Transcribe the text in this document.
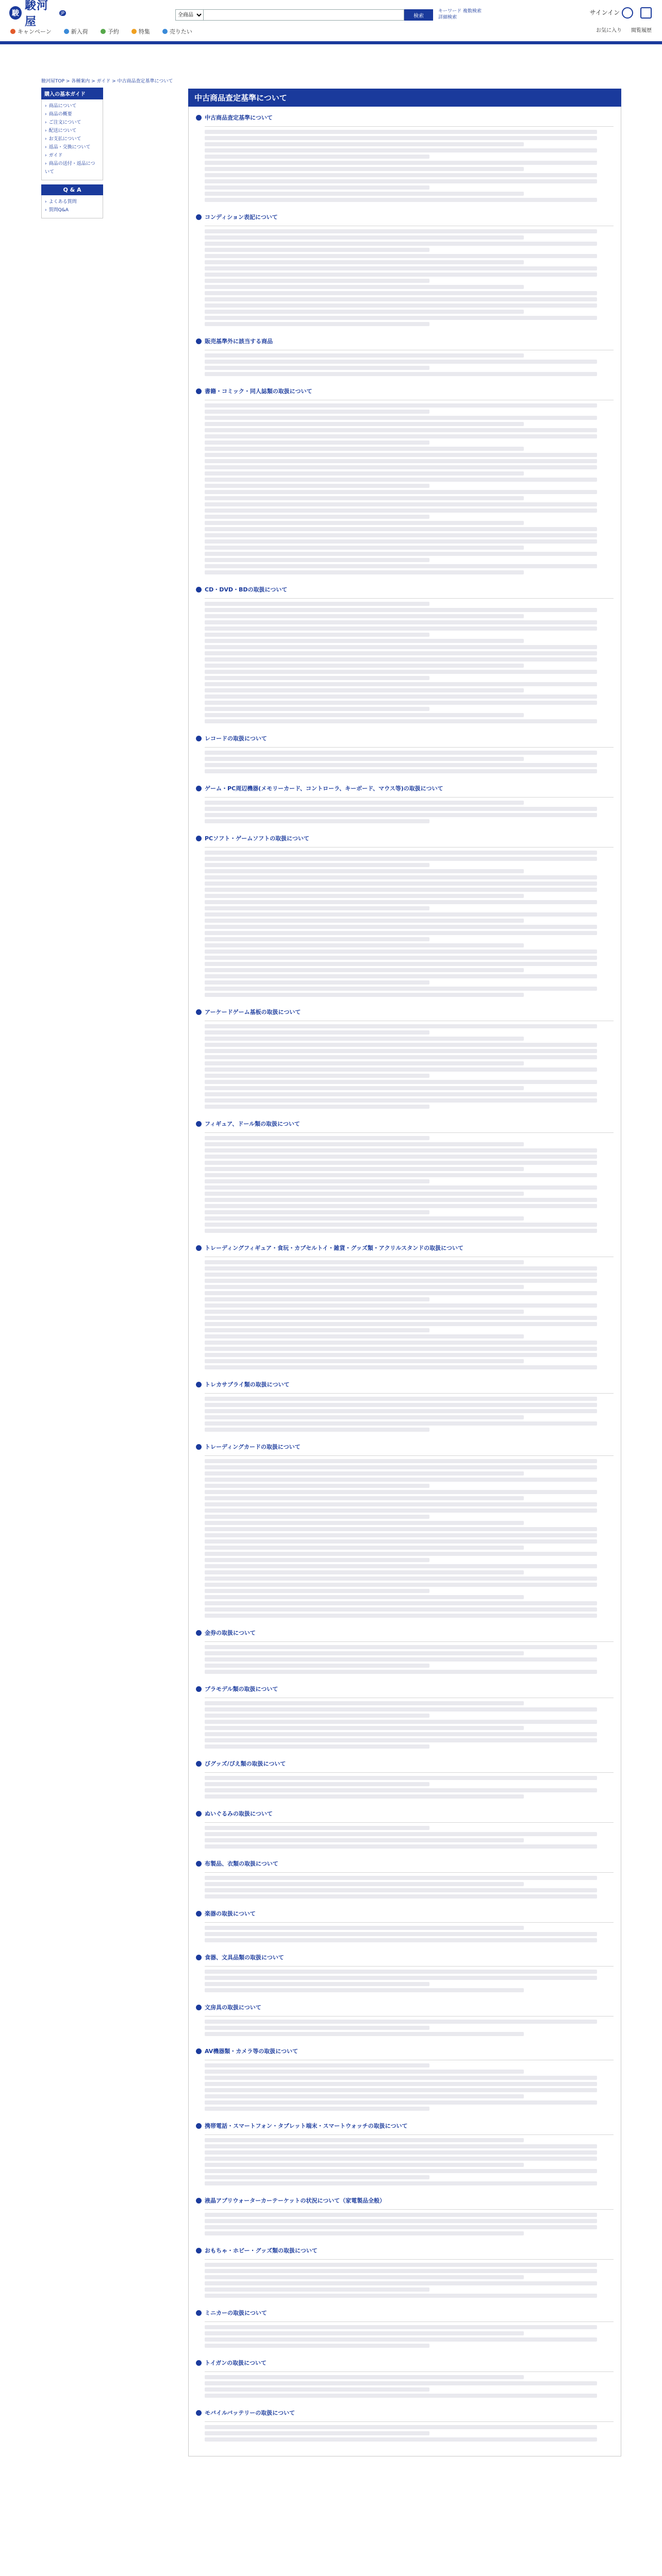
駿
駿河屋
JP
全商品
検索
キーワード 複数検索
詳細検索
サインイン
キャンペーン	新入荷	予約	特集	売りたい	お気に入り 閲覧履歴
駿河屋TOP > 各種案内 > ガイド > 中古商品査定基準について
購入の基本ガイド
› 商品について
› 商品の概要
› ご注文について
› 配送について
› お支払について
› 返品・交換について
› ガイド
› 商品の送付・返品について
Q & A
› よくある質問
› 質問Q&A
中古商品査定基準について
中古商品査定基準について
コンディション表記について
販売基準外に該当する商品
書籍・コミック・同人誌類の取扱について
CD・DVD・BDの取扱について
レコードの取扱について
ゲーム・PC周辺機器(メモリーカード、コントローラ、キーボード、マウス等)の取扱について
PCソフト・ゲームソフトの取扱について
アーケードゲーム基板の取扱について
フィギュア、ドール類の取扱について
トレーディングフィギュア・食玩・カプセルトイ・雑貨・グッズ類・アクリルスタンドの取扱について
トレカサプライ類の取扱について
トレーディングカードの取扱について
金券の取扱について
プラモデル類の取扱について
びグッズ/ぴえ類の取扱について
ぬいぐるみの取扱について
布製品、衣類の取扱について
楽器の取扱について
食器、文具品類の取扱について
文房具の取扱について
AV機器類・カメラ等の取扱について
携帯電話・スマートフォン・タブレット端末・スマートウォッチの取扱について
液晶アプリウォーターカーテーケットの状況について（家電製品全般）
おもちゃ・ホビー・グッズ類の取扱について
ミニカーの取扱について
トイガンの取扱について
モバイルバッテリーの取扱について
